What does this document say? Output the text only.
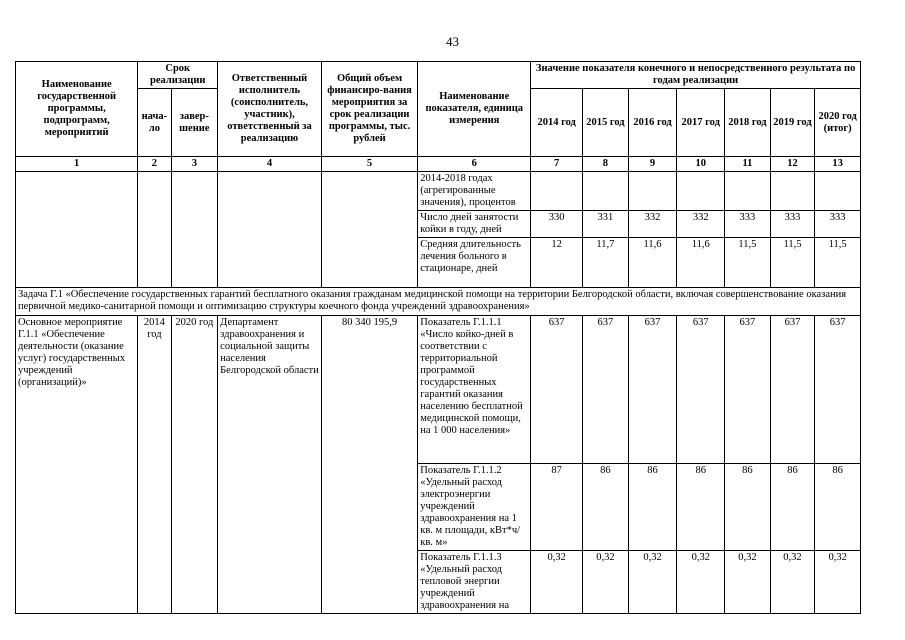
43
Наименование государственной программы, подпрограмм, мероприятий	Срок реализации		Ответственный исполнитель (соисполнитель, участник), ответственный за реализацию	Общий объем финансиро-вания мероприятия за срок реализации программы, тыс. рублей	Наименование показателя, единица измерения	Значение показателя конечного и непосредственного результата по годам реализации						
	нача-ло	завер-шение				2014 год	2015 год	2016 год	2017 год	2018 год	2019 год	2020 год (итог)
1	2	3	4	5	6	7	8	9	10	11	12	13
					2014-2018 годах (агрегированные значения), процентов							
					Число дней занятости койки в году, дней	330	331	332	332	333	333	333
					Средняя длительность лечения больного в стационаре, дней	12	11,7	11,6	11,6	11,5	11,5	11,5
Задача Г.1 «Обеспечение государственных гарантий бесплатного оказания гражданам медицинской помощи на территории Белгородской области, включая совершенствование оказания первичной медико-санитарной помощи и оптимизацию структуры коечного фонда учреждений здравоохранения»												
Основное мероприятие Г.1.1 «Обеспечение деятельности (оказание услуг) государственных учреждений (организаций)»	2014 год	2020 год	Департамент здравоохранения и социальной защиты населения Белгородской области	80 340 195,9	Показатель Г.1.1.1 «Число койко-дней в соответствии с территориальной программой государственных гарантий оказания населению бесплатной медицинской помощи, на 1 000 населения»	637	637	637	637	637	637	637
					Показатель Г.1.1.2 «Удельный расход электроэнергии учреждений здравоохранения на 1 кв. м площади, кВт*ч/кв. м»	87	86	86	86	86	86	86
					Показатель Г.1.1.3 «Удельный расход тепловой энергии учреждений здравоохранения на	0,32	0,32	0,32	0,32	0,32	0,32	0,32
